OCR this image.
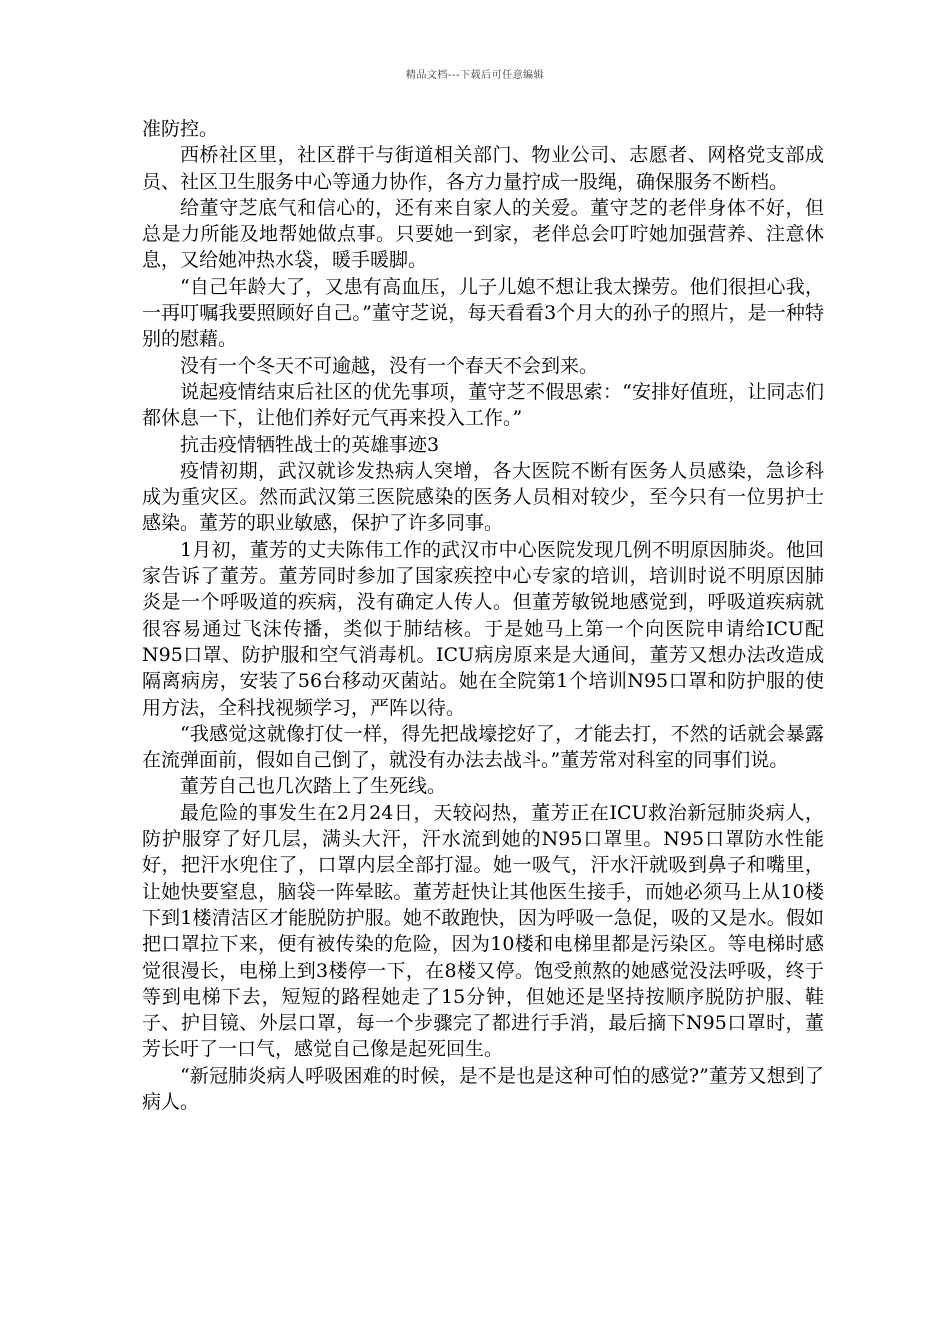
精品文档---下载后可任意编辑

准防控。

西桥社区里，社区群干与街道相关部门、物业公司、志愿者、网格党支部成员、社区卫生服务中心等通力协作，各方力量拧成一股绳，确保服务不断档。

给董守芝底气和信心的，还有来自家人的关爱。董守芝的老伴身体不好，但总是力所能及地帮她做点事。只要她一到家，老伴总会叮咛她加强营养、注意休息，又给她冲热水袋，暖手暖脚。

“自己年龄大了，又患有高血压，儿子儿媳不想让我太操劳。他们很担心我，一再叮嘱我要照顾好自己。”董守芝说，每天看看3个月大的孙子的照片，是一种特别的慰藉。

没有一个冬天不可逾越，没有一个春天不会到来。

说起疫情结束后社区的优先事项，董守芝不假思索：“安排好值班，让同志们都休息一下，让他们养好元气再来投入工作。”

抗击疫情牺牲战士的英雄事迹3

疫情初期，武汉就诊发热病人突增，各大医院不断有医务人员感染，急诊科成为重灾区。然而武汉第三医院感染的医务人员相对较少，至今只有一位男护士感染。董芳的职业敏感，保护了许多同事。

1月初，董芳的丈夫陈伟工作的武汉市中心医院发现几例不明原因肺炎。他回家告诉了董芳。董芳同时参加了国家疾控中心专家的培训，培训时说不明原因肺炎是一个呼吸道的疾病，没有确定人传人。但董芳敏锐地感觉到，呼吸道疾病就很容易通过飞沫传播，类似于肺结核。于是她马上第一个向医院申请给ICU配N95口罩、防护服和空气消毒机。ICU病房原来是大通间，董芳又想办法改造成隔离病房，安装了56台移动灭菌站。她在全院第1个培训N95口罩和防护服的使用方法，全科找视频学习，严阵以待。

“我感觉这就像打仗一样，得先把战壕挖好了，才能去打，不然的话就会暴露在流弹面前，假如自己倒了，就没有办法去战斗。”董芳常对科室的同事们说。

董芳自己也几次踏上了生死线。

最危险的事发生在2月24日，天较闷热，董芳正在ICU救治新冠肺炎病人，防护服穿了好几层，满头大汗，汗水流到她的N95口罩里。N95口罩防水性能好，把汗水兜住了，口罩内层全部打湿。她一吸气，汗水汗就吸到鼻子和嘴里，让她快要窒息，脑袋一阵晕眩。董芳赶快让其他医生接手，而她必须马上从10楼下到1楼清洁区才能脱防护服。她不敢跑快，因为呼吸一急促，吸的又是水。假如把口罩拉下来，便有被传染的危险，因为10楼和电梯里都是污染区。等电梯时感觉很漫长，电梯上到3楼停一下，在8楼又停。饱受煎熬的她感觉没法呼吸，终于等到电梯下去，短短的路程她走了15分钟，但她还是坚持按顺序脱防护服、鞋子、护目镜、外层口罩，每一个步骤完了都进行手消，最后摘下N95口罩时，董芳长吁了一口气，感觉自己像是起死回生。

“新冠肺炎病人呼吸困难的时候，是不是也是这种可怕的感觉?”董芳又想到了病人。
